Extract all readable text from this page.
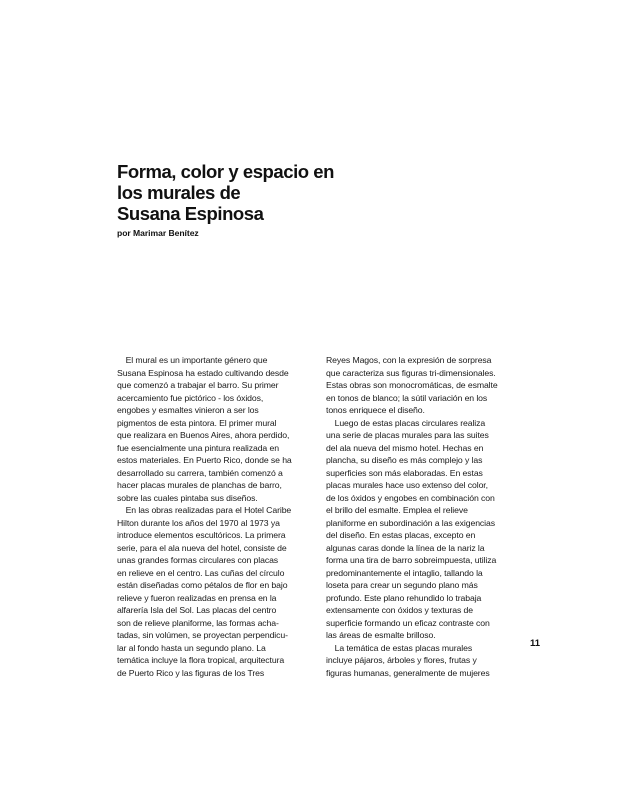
Forma, color y espacio en
los murales de
Susana Espinosa

por Marimar Benítez

 El mural es un importante género que
Susana Espinosa ha estado cultivando desde
que comenzó a trabajar el barro. Su primer
acercamiento fue pictórico - los óxidos,
engobes y esmaltes vinieron a ser los
pigmentos de esta pintora. El primer mural
que realizara en Buenos Aires, ahora perdido,
fue esencialmente una pintura realizada en
estos materiales. En Puerto Rico, donde se ha
desarrollado su carrera, también comenzó a
hacer placas murales de planchas de barro,
sobre las cuales pintaba sus diseños.
 En las obras realizadas para el Hotel Caribe
Hilton durante los años del 1970 al 1973 ya
introduce elementos escultóricos. La primera
serie, para el ala nueva del hotel, consiste de
unas grandes formas circulares con placas
en relieve en el centro. Las cuñas del círculo
están diseñadas como pétalos de flor en bajo
relieve y fueron realizadas en prensa en la
alfarería Isla del Sol. Las placas del centro
son de relieve planiforme, las formas acha-
tadas, sin volúmen, se proyectan perpendicu-
lar al fondo hasta un segundo plano. La
temática incluye la flora tropical, arquitectura
de Puerto Rico y las figuras de los Tres
Reyes Magos, con la expresión de sorpresa
que caracteriza sus figuras tri-dimensionales.
Estas obras son monocromáticas, de esmalte
en tonos de blanco; la sútil variación en los
tonos enriquece el diseño.
 Luego de estas placas circulares realiza
una serie de placas murales para las suites
del ala nueva del mismo hotel. Hechas en
plancha, su diseño es más complejo y las
superficies son más elaboradas. En estas
placas murales hace uso extenso del color,
de los óxidos y engobes en combinación con
el brillo del esmalte. Emplea el relieve
planiforme en subordinación a las exigencias
del diseño. En estas placas, excepto en
algunas caras donde la línea de la nariz la
forma una tira de barro sobreimpuesta, utiliza
predominantemente el intaglio, tallando la
loseta para crear un segundo plano más
profundo. Este plano rehundido lo trabaja
extensamente con óxidos y texturas de
superficie formando un eficaz contraste con
las áreas de esmalte brilloso.
 La temática de estas placas murales
incluye pájaros, árboles y flores, frutas y
figuras humanas, generalmente de mujeres
11
